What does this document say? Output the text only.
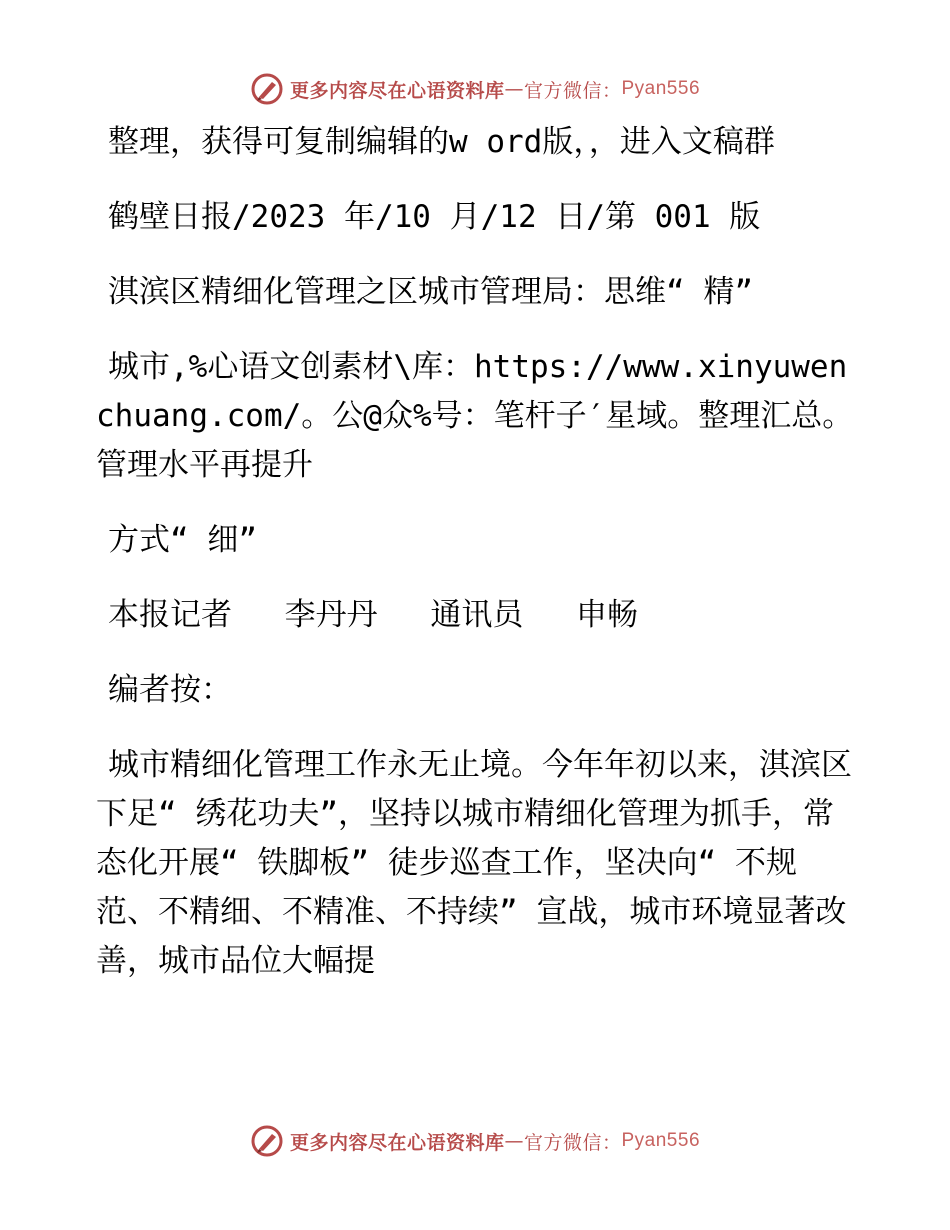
更多内容尽在心语资料库 — 官方微信： Pyan556

整理，获得可复制编辑的w ord版，，进入文稿群

鹤壁日报/2023 年/10 月/12 日/第 001 版

淇滨区精细化管理之区城市管理局：思维“ 精”

城市,%心语文创素材\库：https://www.xinyuwenchuang.com/。公@众%号：笔杆子′星域。整理汇总。管理水平再提升

方式“ 细”

本报记者 李丹丹 通讯员 申畅

编者按：

城市精细化管理工作永无止境。今年年初以来，淇滨区下足“ 绣花功夫”，坚持以城市精细化管理为抓手，常态化开展“ 铁脚板” 徒步巡查工作，坚决向“ 不规范、不精细、不精准、不持续” 宣战，城市环境显著改善，城市品位大幅提

更多内容尽在心语资料库 — 官方微信： Pyan556
